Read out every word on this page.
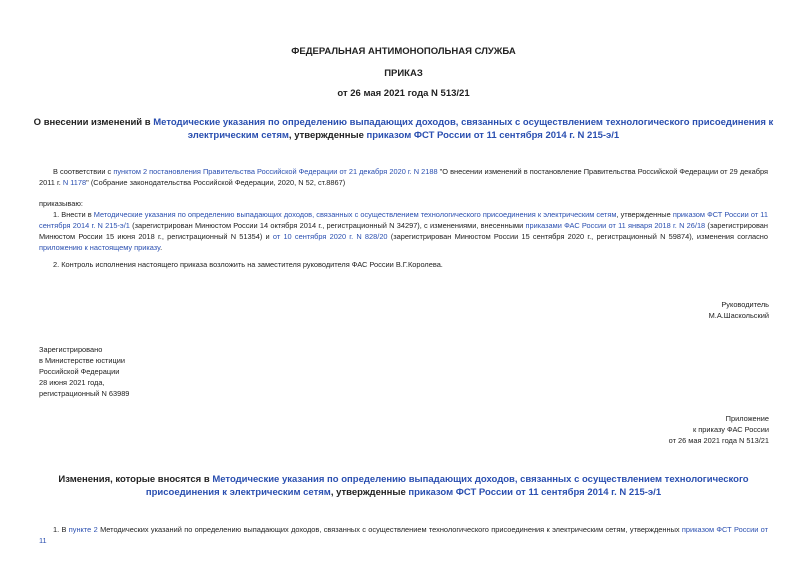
ФЕДЕРАЛЬНАЯ АНТИМОНОПОЛЬНАЯ СЛУЖБА
ПРИКАЗ
от 26 мая 2021 года N 513/21
О внесении изменений в Методические указания по определению выпадающих доходов, связанных с осуществлением технологического присоединения к электрическим сетям, утвержденные приказом ФСТ России от 11 сентября 2014 г. N 215-э/1
В соответствии с пунктом 2 постановления Правительства Российской Федерации от 21 декабря 2020 г. N 2188 "О внесении изменений в постановление Правительства Российской Федерации от 29 декабря 2011 г. N 1178" (Собрание законодательства Российской Федерации, 2020, N 52, ст.8867)
приказываю:
1. Внести в Методические указания по определению выпадающих доходов, связанных с осуществлением технологического присоединения к электрическим сетям, утвержденные приказом ФСТ России от 11 сентября 2014 г. N 215-э/1 (зарегистрирован Минюстом России 14 октября 2014 г., регистрационный N 34297), с изменениями, внесенными приказами ФАС России от 11 января 2018 г. N 26/18 (зарегистрирован Минюстом России 15 июня 2018 г., регистрационный N 51354) и от 10 сентября 2020 г. N 828/20 (зарегистрирован Минюстом России 15 сентября 2020 г., регистрационный N 59874), изменения согласно приложению к настоящему приказу.
2. Контроль исполнения настоящего приказа возложить на заместителя руководителя ФАС России В.Г.Королева.
Руководитель
М.А.Шаскольский
Зарегистрировано
в Министерстве юстиции
Российской Федерации
28 июня 2021 года,
регистрационный N 63989
Приложение
к приказу ФАС России
от 26 мая 2021 года N 513/21
Изменения, которые вносятся в Методические указания по определению выпадающих доходов, связанных с осуществлением технологического присоединения к электрическим сетям, утвержденные приказом ФСТ России от 11 сентября 2014 г. N 215-э/1
1. В пункте 2 Методических указаний по определению выпадающих доходов, связанных с осуществлением технологического присоединения к электрическим сетям, утвержденных приказом ФСТ России от 11
